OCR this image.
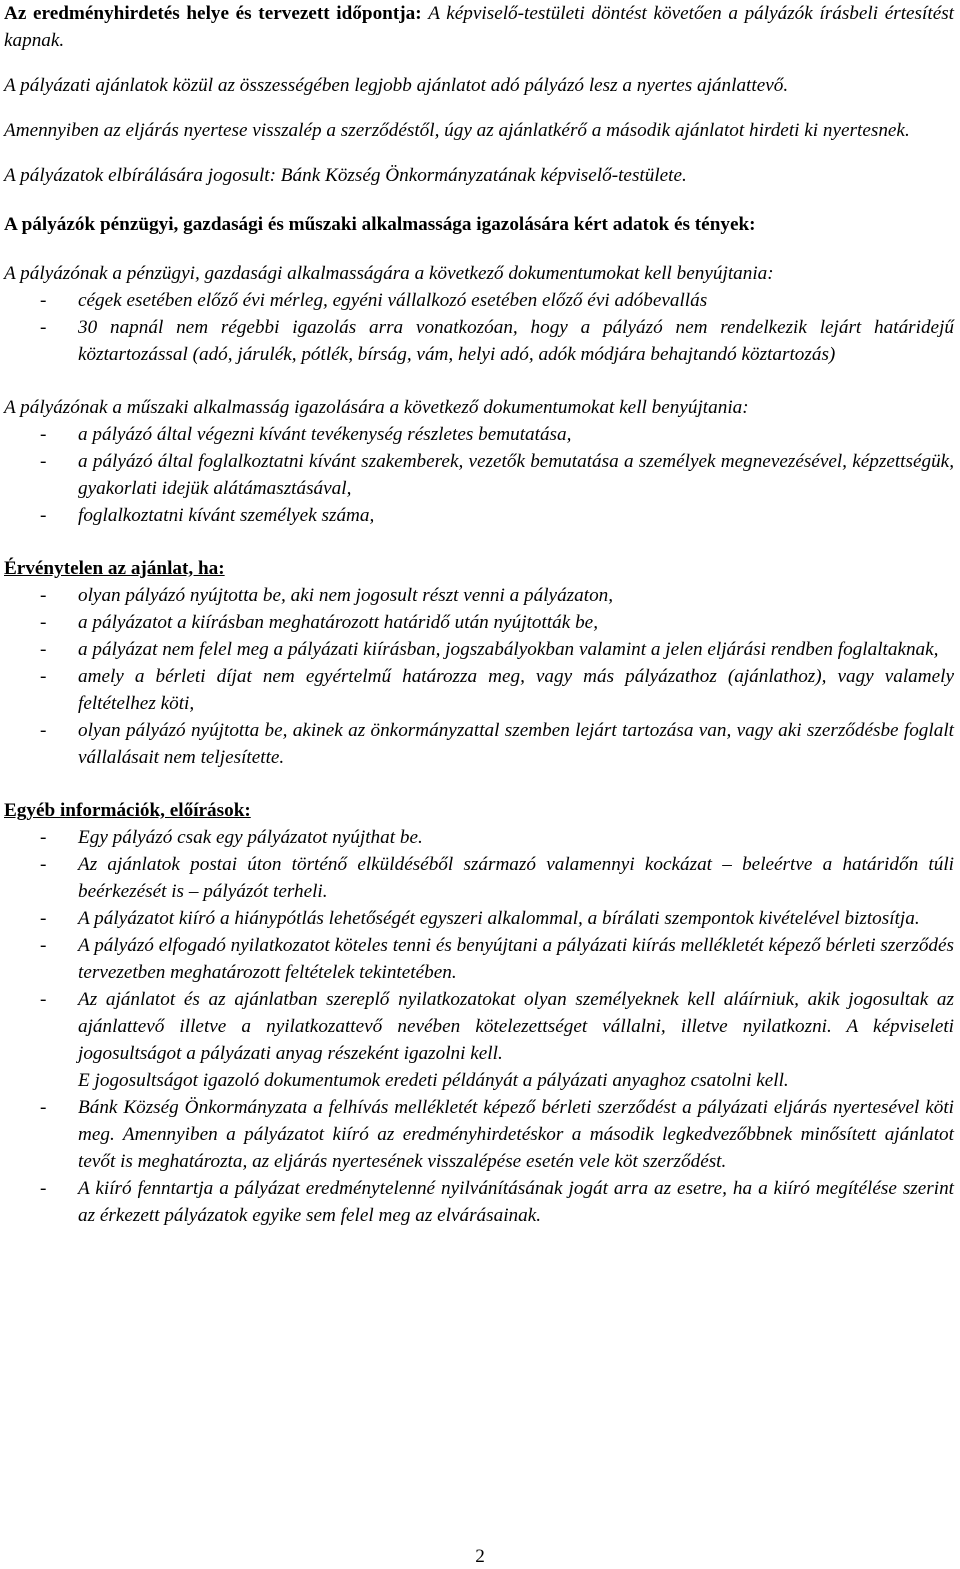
Az eredményhirdetés helye és tervezett időpontja: A képviselő-testületi döntést követően a pályázók írásbeli értesítést kapnak.

A pályázati ajánlatok közül az összességében legjobb ajánlatot adó pályázó lesz a nyertes ajánlattevő.

Amennyiben az eljárás nyertese visszalép a szerződéstől, úgy az ajánlatkérő a második ajánlatot hirdeti ki nyertesnek.

A pályázatok elbírálására jogosult: Bánk Község Önkormányzatának képviselő-testülete.

A pályázók pénzügyi, gazdasági és műszaki alkalmassága igazolására kért adatok és tények:

A pályázónak a pénzügyi, gazdasági alkalmasságára a következő dokumentumokat kell benyújtania:

- cégek esetében előző évi mérleg, egyéni vállalkozó esetében előző évi adóbevallás
- 30 napnál nem régebbi igazolás arra vonatkozóan, hogy a pályázó nem rendelkezik lejárt határidejű köztartozással (adó, járulék, pótlék, bírság, vám, helyi adó, adók módjára behajtandó köztartozás)

A pályázónak a műszaki alkalmasság igazolására a következő dokumentumokat kell benyújtania:

- a pályázó által végezni kívánt tevékenység részletes bemutatása,
- a pályázó által foglalkoztatni kívánt szakemberek, vezetők bemutatása a személyek megnevezésével, képzettségük, gyakorlati idejük alátámasztásával,
- foglalkoztatni kívánt személyek száma,

Érvénytelen az ajánlat, ha:

- olyan pályázó nyújtotta be, aki nem jogosult részt venni a pályázaton,
- a pályázatot a kiírásban meghatározott határidő után nyújtották be,
- a pályázat nem felel meg a pályázati kiírásban, jogszabályokban valamint a jelen eljárási rendben foglaltaknak,
- amely a bérleti díjat nem egyértelmű határozza meg, vagy más pályázathoz (ajánlathoz), vagy valamely feltételhez köti,
- olyan pályázó nyújtotta be, akinek az önkormányzattal szemben lejárt tartozása van, vagy aki szerződésbe foglalt vállalásait nem teljesítette.

Egyéb információk, előírások:

- Egy pályázó csak egy pályázatot nyújthat be.
- Az ajánlatok postai úton történő elküldéséből származó valamennyi kockázat – beleértve a határidőn túli beérkezését is – pályázót terheli.
- A pályázatot kiíró a hiánypótlás lehetőségét egyszeri alkalommal, a bírálati szempontok kivételével biztosítja.
- A pályázó elfogadó nyilatkozatot köteles tenni és benyújtani a pályázati kiírás mellékletét képező bérleti szerződés tervezetben meghatározott feltételek tekintetében.
- Az ajánlatot és az ajánlatban szereplő nyilatkozatokat olyan személyeknek kell aláírniuk, akik jogosultak az ajánlattevő illetve a nyilatkozattevő nevében kötelezettséget vállalni, illetve nyilatkozni. A képviseleti jogosultságot a pályázati anyag részeként igazolni kell.
E jogosultságot igazoló dokumentumok eredeti példányát a pályázati anyaghoz csatolni kell.
- Bánk Község Önkormányzata a felhívás mellékletét képező bérleti szerződést a pályázati eljárás nyertesével köti meg. Amennyiben a pályázatot kiíró az eredményhirdetéskor a második legkedvezőbbnek minősített ajánlatot tevőt is meghatározta, az eljárás nyertesének visszalépése esetén vele köt szerződést.
- A kiíró fenntartja a pályázat eredménytelenné nyilvánításának jogát arra az esetre, ha a kiíró megítélése szerint az érkezett pályázatok egyike sem felel meg az elvárásainak.
2
